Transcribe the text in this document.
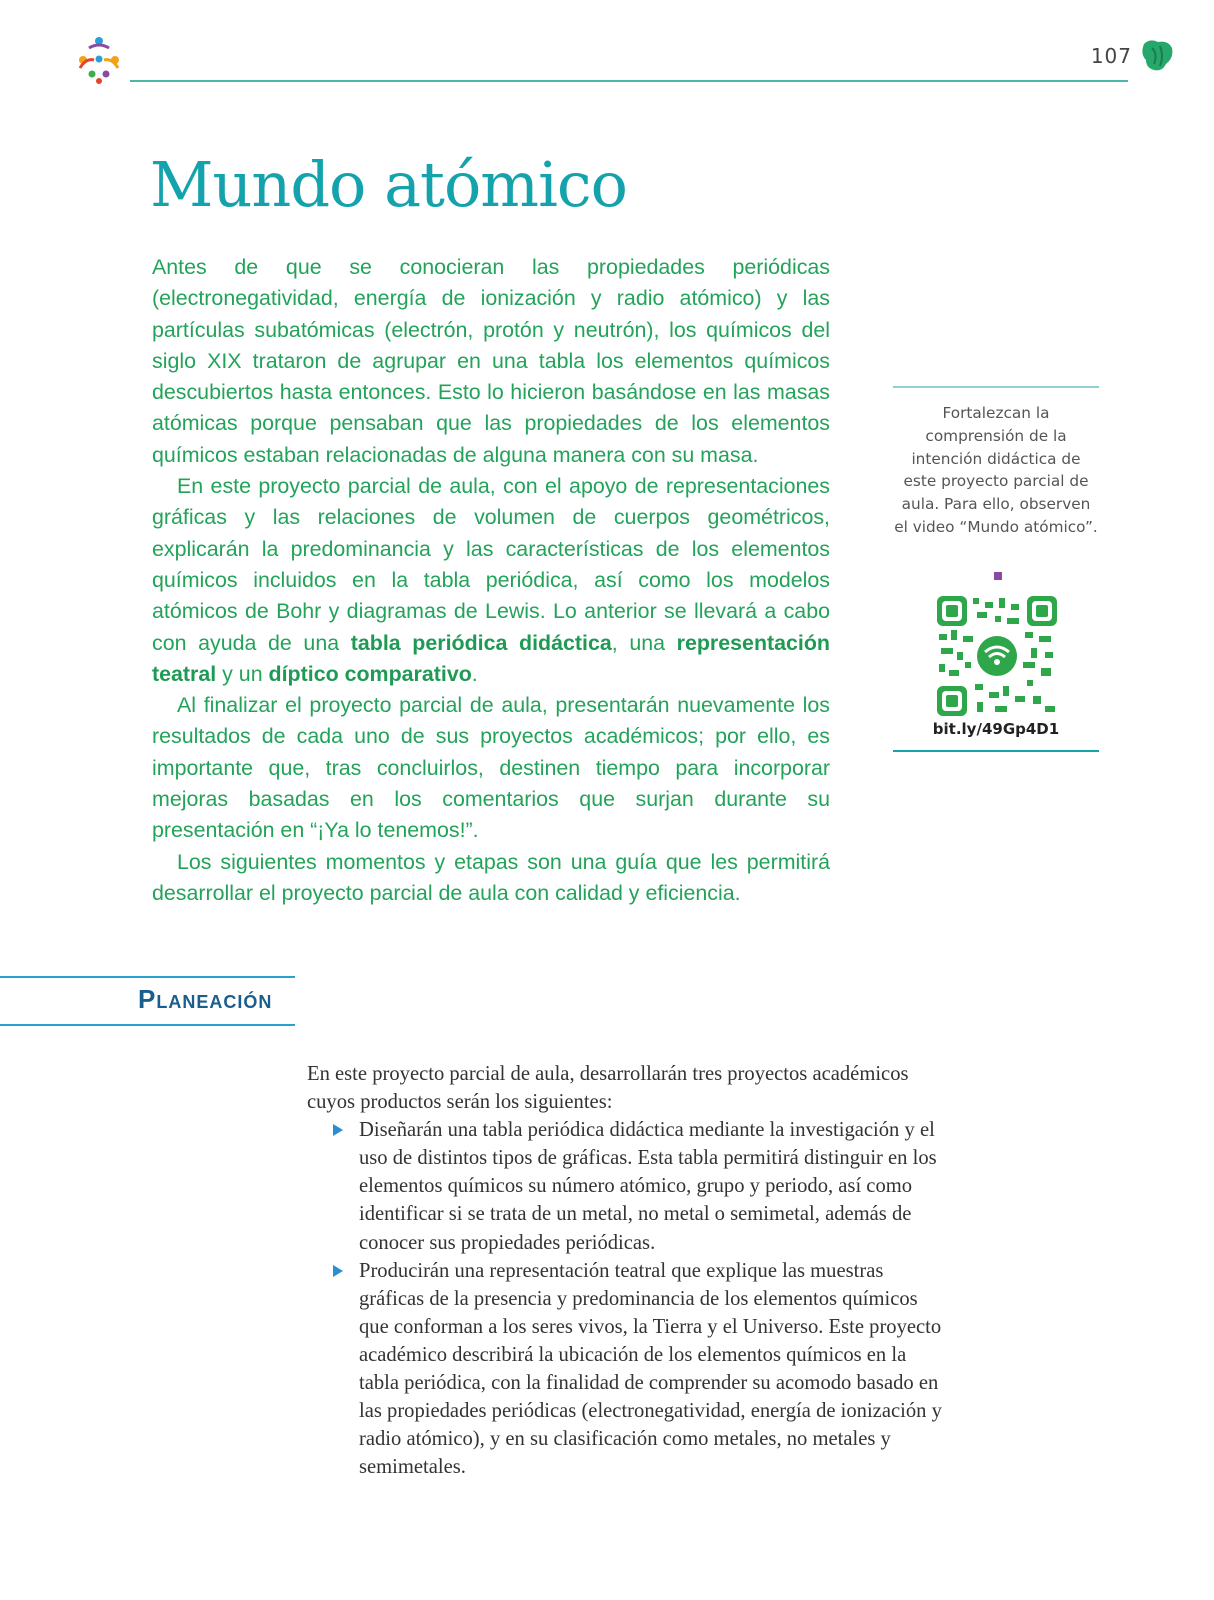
107
Mundo atómico

Antes de que se conocieran las propiedades periódicas (electronegatividad, energía de ionización y radio atómico) y las partículas subatómicas (electrón, protón y neutrón), los químicos del siglo XIX trataron de agrupar en una tabla los elementos químicos descubiertos hasta entonces. Esto lo hicieron basándose en las masas atómicas porque pensaban que las propiedades de los elementos químicos estaban relacionadas de alguna manera con su masa.

En este proyecto parcial de aula, con el apoyo de representaciones gráficas y las relaciones de volumen de cuerpos geométricos, explicarán la predominancia y las características de los elementos químicos incluidos en la tabla periódica, así como los modelos atómicos de Bohr y diagramas de Lewis. Lo anterior se llevará a cabo con ayuda de una tabla periódica didáctica, una representación teatral y un díptico comparativo.

Al finalizar el proyecto parcial de aula, presentarán nuevamente los resultados de cada uno de sus proyectos académicos; por ello, es importante que, tras concluirlos, destinen tiempo para incorporar mejoras basadas en los comentarios que surjan durante su presentación en “¡Ya lo tenemos!”.

Los siguientes momentos y etapas son una guía que les permitirá desarrollar el proyecto parcial de aula con calidad y eficiencia.

Fortalezcan la comprensión de la intención didáctica de este proyecto parcial de aula. Para ello, observen el video “Mundo atómico”.
bit.ly/49Gp4D1
Planeación

En este proyecto parcial de aula, desarrollarán tres proyectos académicos cuyos productos serán los siguientes:

Diseñarán una tabla periódica didáctica mediante la investigación y el uso de distintos tipos de gráficas. Esta tabla permitirá distinguir en los elementos químicos su número atómico, grupo y periodo, así como identificar si se trata de un metal, no metal o semimetal, además de conocer sus propiedades periódicas.
Producirán una representación teatral que explique las muestras gráficas de la presencia y predominancia de los elementos químicos que conforman a los seres vivos, la Tierra y el Universo. Este proyecto académico describirá la ubicación de los elementos químicos en la tabla periódica, con la finalidad de comprender su acomodo basado en las propiedades periódicas (electronegatividad, energía de ionización y radio atómico), y en su clasificación como metales, no metales y semimetales.
